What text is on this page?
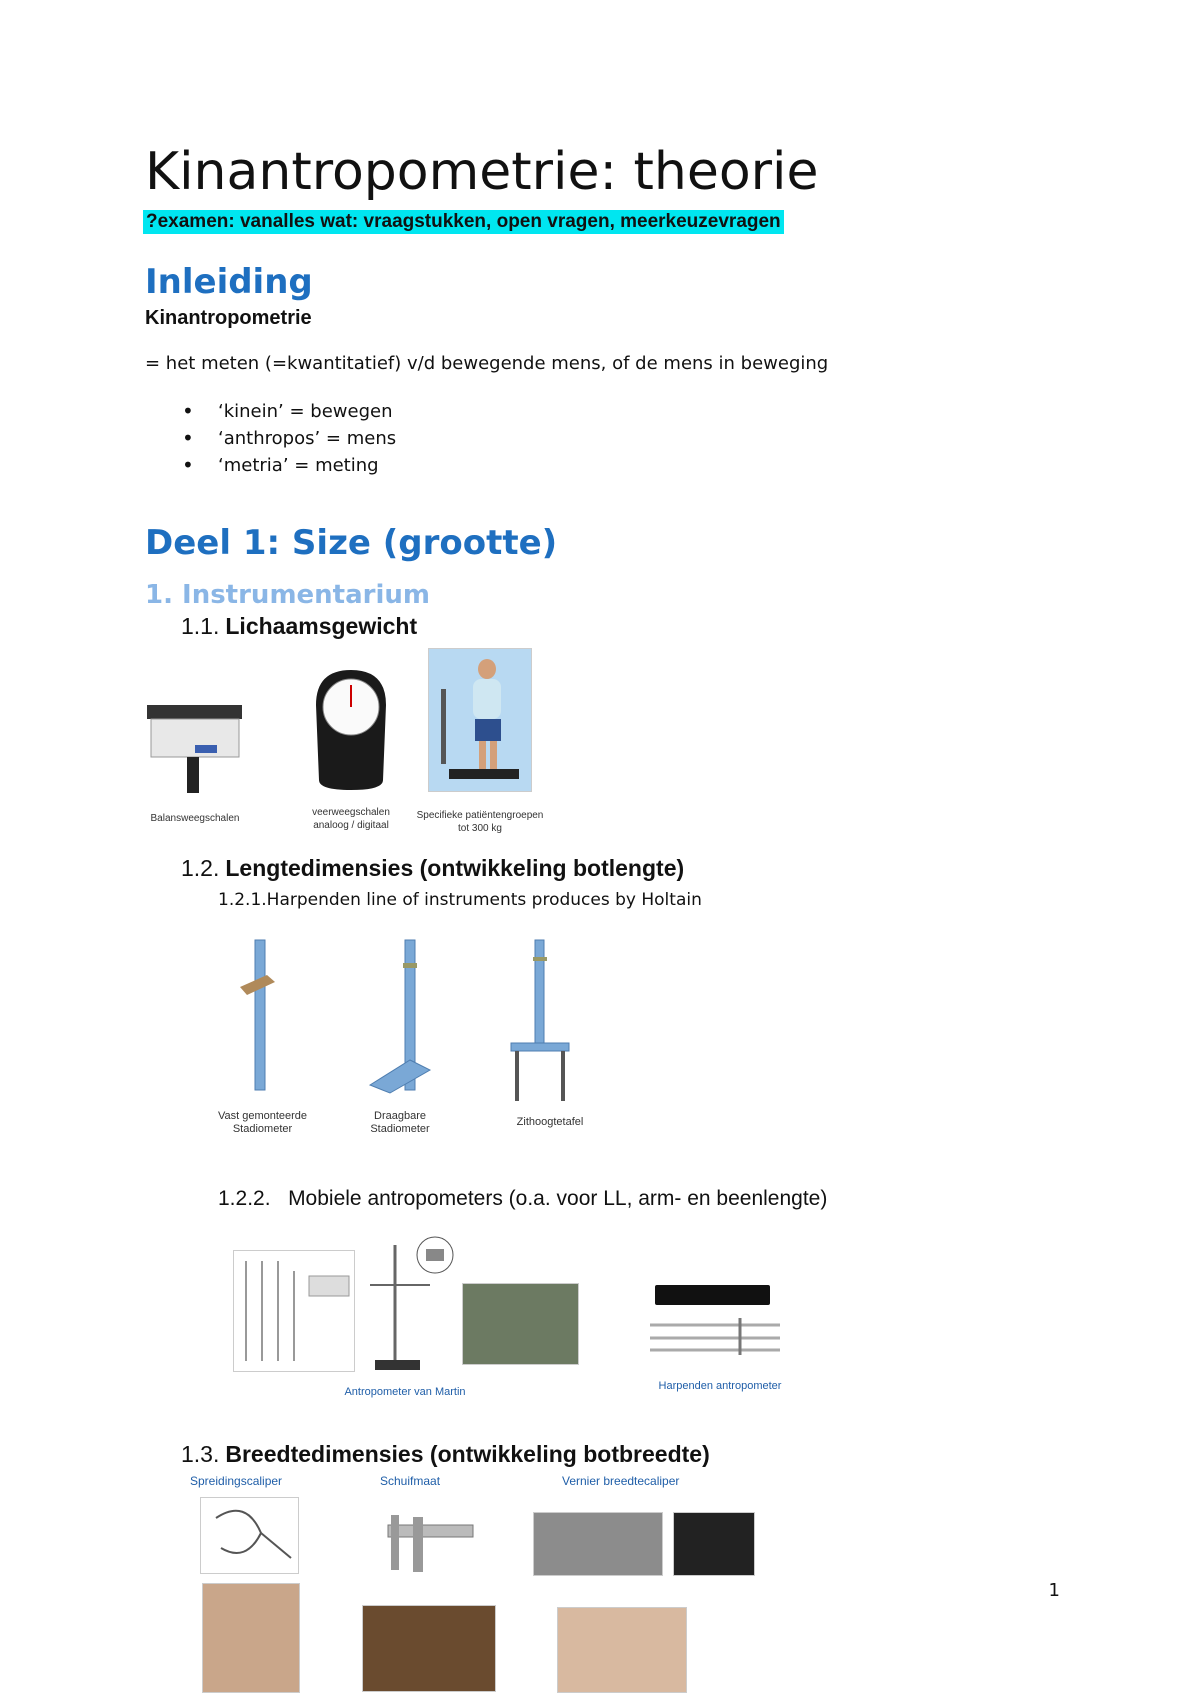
Kinantropometrie: theorie
?examen: vanalles wat: vraagstukken, open vragen, meerkeuzevragen
Inleiding
Kinantropometrie
= het meten (=kwantitatief) v/d bewegende mens, of de mens in beweging
• ‘kinein’ = bewegen
• ‘anthropos’ = mens
• ‘metria’ = meting
Deel 1: Size (grootte)
1. Instrumentarium
1.1. Lichaamsgewicht
Balansweegschalen
veerweegschalen
analoog / digitaal
Specifieke patiëntengroepen
tot 300 kg
1.2. Lengtedimensies (ontwikkeling botlengte)
1.2.1.Harpenden line of instruments produces by Holtain
Vast gemonteerde
Stadiometer
Draagbare
Stadiometer
Zithoogtetafel
1.2.2. Mobiele antropometers (o.a. voor LL, arm- en beenlengte)
Antropometer van Martin	Harpenden antropometer
1.3. Breedtedimensies (ontwikkeling botbreedte)
Spreidingscaliper	Schuifmaat	Vernier breedtecaliper
1
